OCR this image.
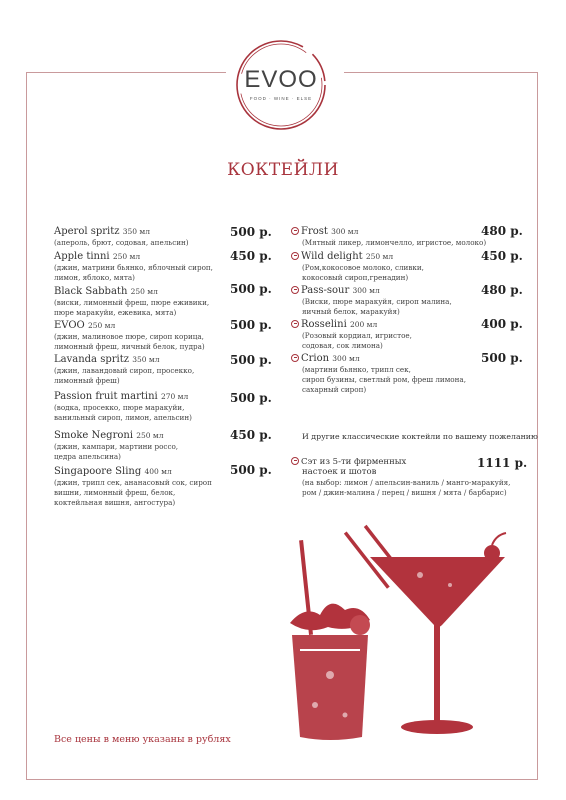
EVOO
FOOD · WINE · ELSE
КОКТЕЙЛИ
Aperol spritz 350 мл
(апероль, брют, содовая, апельсин)
500 р.
Apple tinni 250 мл
(джин, матрини бьянко, яблочный сироп,
лимон, яблоко, мята)
450 р.
Black Sabbath 250 мл
(виски, лимонный фреш, пюре еживики,
пюре маракуйи, ежевика, мята)
500 р.
EVOO 250 мл
(джин, малиновое пюре, сироп корица,
лимонный фреш, яичный белок, пудра)
500 р.
Lavanda spritz 350 мл
(джин, лавандовый сироп, просекко,
лимонный фреш)
500 р.
Passion fruit martini 270 мл
(водка, просекко, пюре маракуйи,
ванильный сироп, лимон, апельсин)
500 р.
Smoke Negroni 250 мл
(джин, кампари, мартини россо,
цедра апельсина)
450 р.
Singapoore Sling 400 мл
(джин, трипл сек, ананасовый сок, сироп
вишни, лимонный фреш, белок,
коктейльная вишня, ангостура)
500 р.
Frost 300 мл
(Мятный ликер, лимончелло, игристое, молоко)
480 р.
Wild delight 250 мл
(Ром,кокосовое молоко, сливки,
кокосовый сироп,гренадин)
450 р.
Pass-sour 300 мл
(Виски, пюре маракуйя, сироп малина,
яичный белок, маракуйя)
480 р.
Rosselini 200 мл
(Розовый кордиал, игристое,
содовая, сок лимона)
400 р.
Crion 300 мл
(мартини бьянко, трипл сек,
сироп бузины, светлый ром, фреш лимона,
сахарный сироп)
500 р.
И другие классические коктейли по вашему пожеланию
Сэт из 5-ти фирменных
настоек и шотов
(на выбор: лимон / апельсин-ваниль / манго-маракуйя,
ром / джин-малина / перец / вишня / мята / барбарис)
1111 р.
Все цены в меню указаны в рублях
